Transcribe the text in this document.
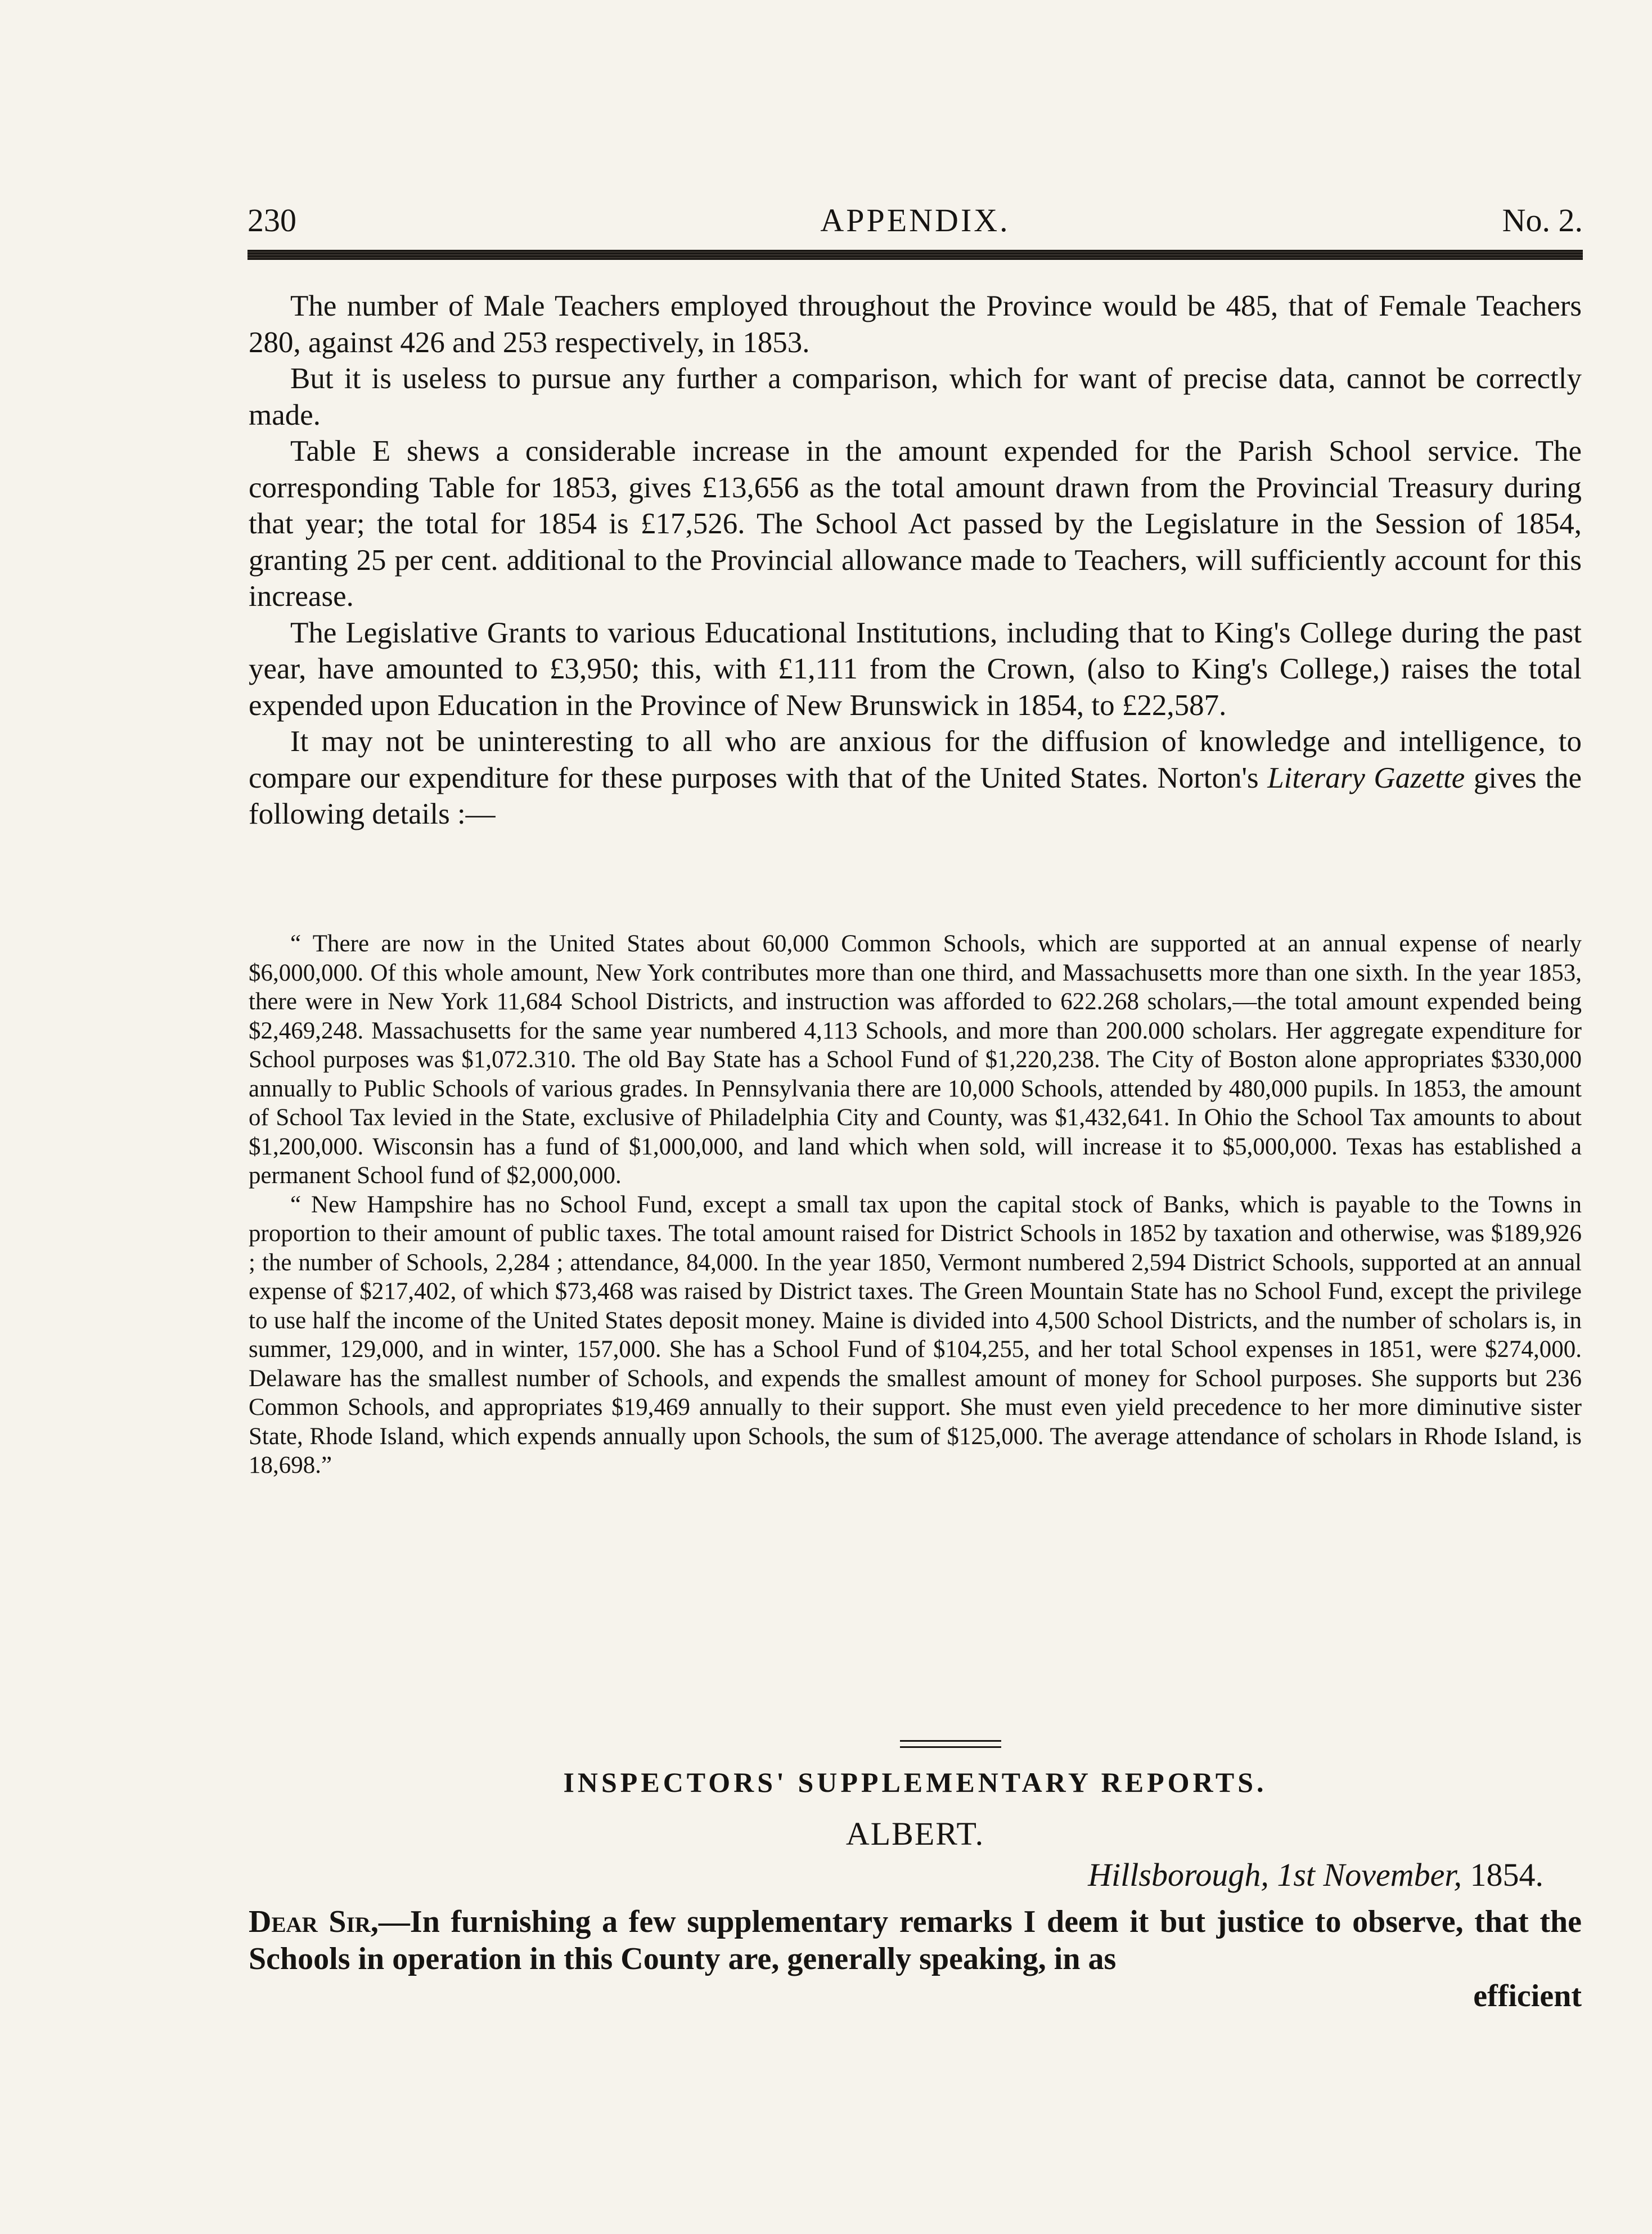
230	APPENDIX.	No. 2.

The number of Male Teachers employed throughout the Province would be 485, that of Female Teachers 280, against 426 and 253 respectively, in 1853.

But it is useless to pursue any further a comparison, which for want of precise data, cannot be correctly made.

Table E shews a considerable increase in the amount expended for the Parish School service. The corresponding Table for 1853, gives £13,656 as the total amount drawn from the Provincial Treasury during that year; the total for 1854 is £17,526. The School Act passed by the Legislature in the Session of 1854, granting 25 per cent. additional to the Provincial allowance made to Teachers, will sufficiently account for this increase.

The Legislative Grants to various Educational Institutions, including that to King's College during the past year, have amounted to £3,950; this, with £1,111 from the Crown, (also to King's College,) raises the total expended upon Education in the Province of New Brunswick in 1854, to £22,587.

It may not be uninteresting to all who are anxious for the diffusion of knowledge and intelligence, to compare our expenditure for these purposes with that of the United States. Norton's Literary Gazette gives the following details :—

“ There are now in the United States about 60,000 Common Schools, which are supported at an annual expense of nearly $6,000,000. Of this whole amount, New York contributes more than one third, and Massachusetts more than one sixth. In the year 1853, there were in New York 11,684 School Districts, and instruction was afforded to 622.268 scholars,—the total amount expended being $2,469,248. Massachusetts for the same year numbered 4,113 Schools, and more than 200.000 scholars. Her aggregate expenditure for School purposes was $1,072.310. The old Bay State has a School Fund of $1,220,238. The City of Boston alone appropriates $330,000 annually to Public Schools of various grades. In Pennsylvania there are 10,000 Schools, attended by 480,000 pupils. In 1853, the amount of School Tax levied in the State, exclusive of Philadelphia City and County, was $1,432,641. In Ohio the School Tax amounts to about $1,200,000. Wisconsin has a fund of $1,000,000, and land which when sold, will increase it to $5,000,000. Texas has established a permanent School fund of $2,000,000.

“ New Hampshire has no School Fund, except a small tax upon the capital stock of Banks, which is payable to the Towns in proportion to their amount of public taxes. The total amount raised for District Schools in 1852 by taxation and otherwise, was $189,926 ; the number of Schools, 2,284 ; attendance, 84,000. In the year 1850, Vermont numbered 2,594 District Schools, supported at an annual expense of $217,402, of which $73,468 was raised by District taxes. The Green Mountain State has no School Fund, except the privilege to use half the income of the United States deposit money. Maine is divided into 4,500 School Districts, and the number of scholars is, in summer, 129,000, and in winter, 157,000. She has a School Fund of $104,255, and her total School expenses in 1851, were $274,000. Delaware has the smallest number of Schools, and expends the smallest amount of money for School purposes. She supports but 236 Common Schools, and appropriates $19,469 annually to their support. She must even yield precedence to her more diminutive sister State, Rhode Island, which expends annually upon Schools, the sum of $125,000. The average attendance of scholars in Rhode Island, is 18,698.”

INSPECTORS' SUPPLEMENTARY REPORTS.
ALBERT.
Hillsborough, 1st November, 1854.
Dear Sir,—In furnishing a few supplementary remarks I deem it but justice to observe, that the Schools in operation in this County are, generally speaking, in as
efficient
